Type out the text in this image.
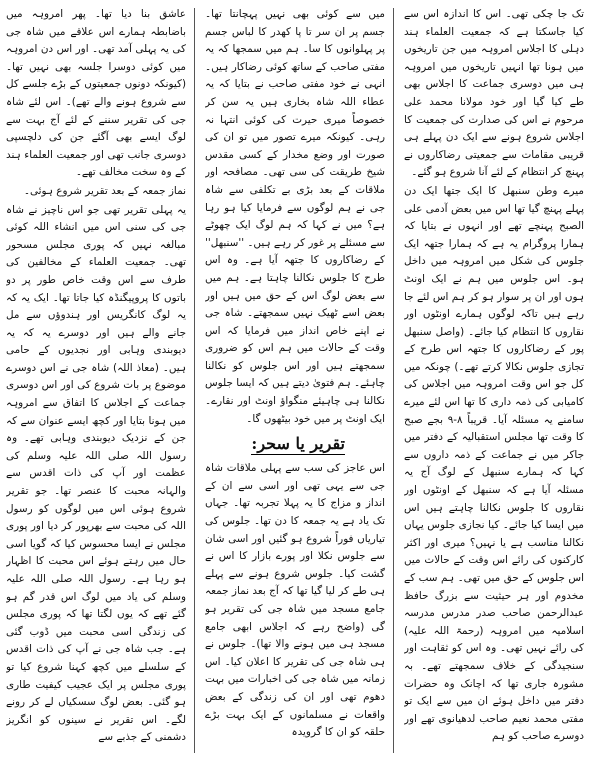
تک جا چکی تھی۔ اس کا اندازہ اس سے کیا جاسکتا ہے کہ جمعیت العلماء ہند دہلی کا اجلاس امروہہ میں جن تاریخوں میں ہونا تھا انہیں تاریخوں میں امروہہ ہی میں دوسری جماعت کا اجلاس بھی طے کیا گیا اور خود مولانا محمد علی مرحوم نے اس کی صدارت کی جمعیت کا اجلاس شروع ہونے سے ایک دن پہلے ہی قریبی مقامات سے جمعیتی رضاکاروں نے پہنچ کر انتظام کے لئے آنا شروع ہو گئے۔

میرے وطن سنبھل کا ایک جتھا ایک دن پہلے پہنچ گیا تھا اس میں بعض آدمی علی الصبح پہنچے تھے اور انہوں نے بتایا کہ ہمارا پروگرام یہ ہے کہ ہمارا جتھہ ایک جلوس کی شکل میں امروہہ میں داخل ہو۔ اس جلوس میں ہم نے ایک اونٹ ہوں اور ان پر سوار ہو کر ہم اس لئے جا رہے ہیں تاکہ لوگوں ہمارے اونٹوں اور نقاروں کا انتظام کیا جائے۔ (واصل سنبھل پور کے رضاکاروں کا جتھہ اس طرح کے تجازی جلوس نکالا کرتے تھے۔) چونکہ میں کل جو اس وقت امروہہ میں اجلاس کی کامیابی کی ذمہ داری کا تھا اس لئے میرے سامنے یہ مسئلہ آیا۔ قریباً ۸-۹ بجے صبح کا وقت تھا مجلس استقبالیہ کے دفتر میں جاکر میں نے جماعت کے ذمہ داروں سے کہا کہ ہمارے سنبھل کے لوگ آج یہ مسئلہ آیا ہے کہ سنبھل کے اونٹوں اور نقاروں کا جلوس نکالنا چاہتے ہیں اس میں ایسا کیا جائے۔ کیا نجازی جلوس یہاں نکالنا مناسب ہے یا نہیں؟ میری اور اکثر کارکنوں کی رائے اس وقت کے حالات میں اس جلوس کے حق میں تھی۔ ہم سب کے مخدوم اور ہر حیثیت سے بزرگ حافظ عبدالرحمن صاحب صدر مدرس مدرسہ اسلامیہ میں امروہہ (رحمۃ اللہ علیہ) کی رائے نہیں تھی۔ وہ اس کو ثقاہت اور سنجیدگی کے خلاف سمجھتے تھے۔ بہ مشورہ جاری تھا کہ اچانک وہ حضرات دفتر میں داخل ہوئے ان میں سے ایک تو مفتی محمد نعیم صاحب لدھیانوی تھے اور دوسرے صاحب کو ہم

میں سے کوئی بھی نہیں پہچانتا تھا۔ جسم پر ان سر تا پا کھدر کا لباس جسم پر پہلوانوں کا سا۔ ہم میں سمجھا کہ یہ مفتی صاحب کے ساتھ کوئی رضاکار ہیں۔ انہی نے خود مفتی صاحب نے بتایا کہ یہ عطاء اللہ شاہ بخاری ہیں یہ سن کر خصوصاً میری حیرت کی کوئی انتہا نہ رہی۔ کیونکہ میرے تصور میں تو ان کی صورت اور وضع مخدار کے کسی مقدس شیخ طریقت کی سی تھی۔ مصافحہ اور ملاقات کے بعد بڑی بے تکلفی سے شاہ جی نے ہم لوگوں سے فرمایا کیا ہو رہا ہے؟ میں نے کہا کہ ہم لوگ ایک چھوٹے سے مسئلے پر غور کر رہے ہیں۔ ''سنبھل'' کے رضاکاروں کا جتھہ آیا ہے۔ وہ اس طرح کا جلوس نکالنا چاہتا ہے۔ ہم میں سے بعض لوگ اس کے حق میں ہیں اور بعض اسے ٹھیک نہیں سمجھتے۔ شاہ جی نے اپنے خاص انداز میں فرمایا کہ اس وقت کے حالات میں ہم اس کو ضروری سمجھتے ہیں اور اس جلوس کو نکالنا چاہئے۔ ہم فتویٰ دیتے ہیں کہ ایسا جلوس نکالنا ہی چاہیئے منگواؤ اونٹ اور نقارے۔ ایک اونٹ پر میں خود بیٹھوں گا۔

تقریر یا سحر:

اس عاجز کی سب سے پہلی ملاقات شاہ جی سے یہی تھی اور اسی سے ان کے انداز و مزاج کا یہ پہلا تجربہ تھا۔ جہاں تک یاد ہے یہ جمعہ کا دن تھا۔ جلوس کی تیاریاں فوراً شروع ہو گئیں اور اسی شان سے جلوس نکلا اور پورے بازار کا اس نے گشت کیا۔ جلوس شروع ہونے سے پہلے ہی طے کر لیا گیا تھا کہ آج بعد نماز جمعہ جامع مسجد میں شاہ جی کی تقریر ہو گی (واضح رہے کہ اجلاس ابھی جامع مسجد ہی میں ہونے والا تھا)۔ جلوس نے ہی شاہ جی کی تقریر کا اعلان کیا۔ اس زمانہ میں شاہ جی کی اخبارات میں بہت دھوم تھی اور ان کی زندگی کے بعض واقعات نے مسلمانوں کے ایک بہت بڑے حلقہ کو ان کا گرویدہ

عاشق بنا دیا تھا۔ پھر امروہہ میں باضابطہ ہمارے اس علاقے میں شاہ جی کی یہ پہلی آمد تھی۔ اور اس دن امروہہ میں کوئی دوسرا جلسہ بھی نہیں تھا۔ (کیونکہ دونوں جمعیتوں کے بڑے جلسے کل سے شروع ہونے والے تھے)۔ اس لئے شاہ جی کی تقریر سننے کے لئے آج بہت سے لوگ ایسے بھی آگئے جن کی دلچسپی دوسری جانب تھی اور جمعیت العلماء ہند کے وہ سخت مخالف تھے۔

نماز جمعہ کے بعد تقریر شروع ہوئی۔

یہ پہلی تقریر تھی جو اس ناچیز نے شاہ جی کی سنی اس میں انشاء اللہ کوئی مبالغہ نہیں کہ پوری مجلس مسحور تھی۔ جمعیت العلماء کے مخالفین کی طرف سے اس وقت خاص طور پر دو باتوں کا پروپیگنڈہ کیا جاتا تھا۔ ایک یہ کہ یہ لوگ کانگریس اور ہندوؤں سے مل جانے والے ہیں اور دوسرے یہ کہ یہ دیوبندی وہابی اور نجدیوں کے حامی ہیں۔ (معاذ اللہ) شاہ جی نے اس دوسرے موضوع پر بات شروع کی اور اس دوسری جماعت کے اجلاس کا اتفاق سے امروہہ میں ہونا بتایا اور کچھ ایسے عنوان سے کہ جن کے نزدیک دیوبندی وہابی تھے۔ وہ رسول اللہ صلی اللہ علیہ وسلم کی عظمت اور آپ کی ذات اقدس سے والہانہ محبت کا عنصر تھا۔ جو تقریر شروع ہوئی اس میں لوگوں کو رسول اللہ کی محبت سے بھرپور کر دیا اور پوری مجلس نے ایسا محسوس کیا کہ گویا اسی حال میں رہتے ہوئے اس محبت کا اظہار ہو رہا ہے۔ رسول اللہ صلی اللہ علیہ وسلم کی یاد میں لوگ اس قدر گم ہو گئے تھے کہ یوں لگتا تھا کہ پوری مجلس کی زندگی اسی محبت میں ڈوب گئی ہے۔ جب شاہ جی نے آپ کی ذات اقدس کے سلسلے میں کچھ کہنا شروع کیا تو پوری مجلس پر ایک عجیب کیفیت طاری ہو گئی۔ بعض لوگ سسکیاں لے کر رونے لگے۔ اس تقریر نے سینوں کو انگریز دشمنی کے جذبے سے
